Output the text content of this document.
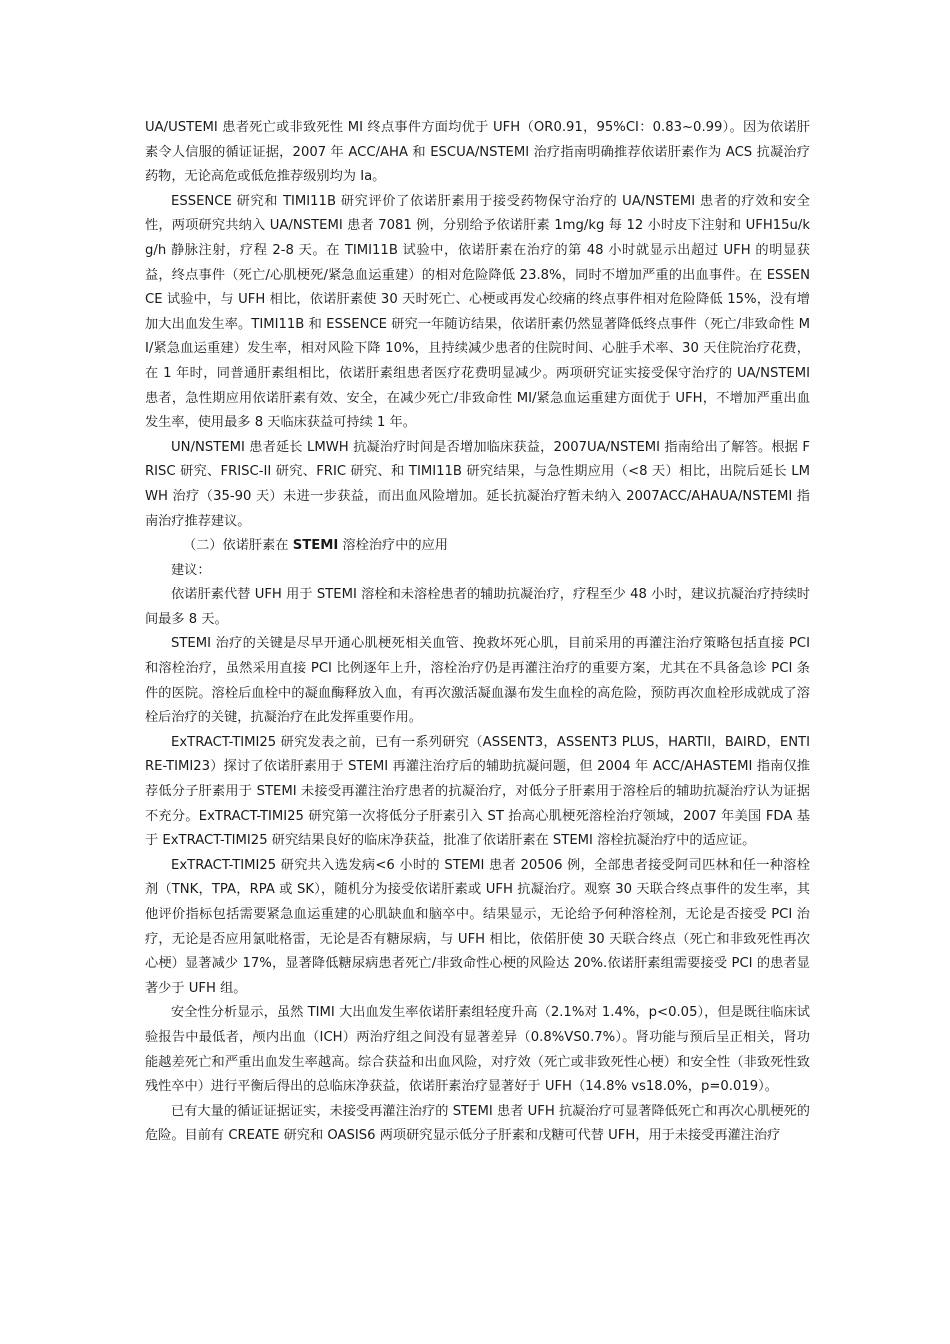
UA/USTEMI 患者死亡或非致死性 MI 终点事件方面均优于 UFH（OR0.91，95%CI：0.83~0.99）。因为依诺肝素令人信服的循证证据，2007 年 ACC/AHA 和 ESCUA/NSTEMI 治疗指南明确推荐依诺肝素作为 ACS 抗凝治疗药物，无论高危或低危推荐级别均为 Ia。

ESSENCE 研究和 TIMI11B 研究评价了依诺肝素用于接受药物保守治疗的 UA/NSTEMI 患者的疗效和安全性，两项研究共纳入 UA/NSTEMI 患者 7081 例，分别给予依诺肝素 1mg/kg 每 12 小时皮下注射和 UFH15u/kg/h 静脉注射，疗程 2-8 天。在 TIMI11B 试验中，依诺肝素在治疗的第 48 小时就显示出超过 UFH 的明显获益，终点事件（死亡/心肌梗死/紧急血运重建）的相对危险降低 23.8%，同时不增加严重的出血事件。在 ESSENCE 试验中，与 UFH 相比，依诺肝素使 30 天时死亡、心梗或再发心绞痛的终点事件相对危险降低 15%，没有增加大出血发生率。TIMI11B 和 ESSENCE 研究一年随访结果，依诺肝素仍然显著降低终点事件（死亡/非致命性 MI/紧急血运重建）发生率，相对风险下降 10%，且持续减少患者的住院时间、心脏手术率、30 天住院治疗花费，在 1 年时，同普通肝素组相比，依诺肝素组患者医疗花费明显减少。两项研究证实接受保守治疗的 UA/NSTEMI 患者，急性期应用依诺肝素有效、安全，在减少死亡/非致命性 MI/紧急血运重建方面优于 UFH，不增加严重出血发生率，使用最多 8 天临床获益可持续 1 年。

UN/NSTEMI 患者延长 LMWH 抗凝治疗时间是否增加临床获益，2007UA/NSTEMI 指南给出了解答。根据 FRISC 研究、FRISC-II 研究、FRIC 研究、和 TIMI11B 研究结果，与急性期应用（<8 天）相比，出院后延长 LMWH 治疗（35-90 天）未进一步获益，而出血风险增加。延长抗凝治疗暂未纳入 2007ACC/AHAUA/NSTEMI 指南治疗推荐建议。

（二）依诺肝素在 STEMI 溶栓治疗中的应用

建议：

依诺肝素代替 UFH 用于 STEMI 溶栓和未溶栓患者的辅助抗凝治疗，疗程至少 48 小时，建议抗凝治疗持续时间最多 8 天。

STEMI 治疗的关键是尽早开通心肌梗死相关血管、挽救坏死心肌，目前采用的再灌注治疗策略包括直接 PCI 和溶栓治疗，虽然采用直接 PCI 比例逐年上升，溶栓治疗仍是再灌注治疗的重要方案，尤其在不具备急诊 PCI 条件的医院。溶栓后血栓中的凝血酶释放入血，有再次激活凝血瀑布发生血栓的高危险，预防再次血栓形成就成了溶栓后治疗的关键，抗凝治疗在此发挥重要作用。

ExTRACT-TIMI25 研究发表之前，已有一系列研究（ASSENT3，ASSENT3 PLUS，HARTII，BAIRD，ENTIRE-TIMI23）探讨了依诺肝素用于 STEMI 再灌注治疗后的辅助抗凝问题，但 2004 年 ACC/AHASTEMI 指南仅推荐低分子肝素用于 STEMI 未接受再灌注治疗患者的抗凝治疗，对低分子肝素用于溶栓后的辅助抗凝治疗认为证据不充分。ExTRACT-TIMI25 研究第一次将低分子肝素引入 ST 抬高心肌梗死溶栓治疗领域，2007 年美国 FDA 基于 ExTRACT-TIMI25 研究结果良好的临床净获益，批准了依诺肝素在 STEMI 溶栓抗凝治疗中的适应证。

ExTRACT-TIMI25 研究共入选发病<6 小时的 STEMI 患者 20506 例，全部患者接受阿司匹林和任一种溶栓剂（TNK，TPA，RPA 或 SK），随机分为接受依诺肝素或 UFH 抗凝治疗。观察 30 天联合终点事件的发生率，其他评价指标包括需要紧急血运重建的心肌缺血和脑卒中。结果显示，无论给予何种溶栓剂，无论是否接受 PCI 治疗，无论是否应用氯吡格雷，无论是否有糖尿病，与 UFH 相比，依偌肝使 30 天联合终点（死亡和非致死性再次心梗）显著减少 17%，显著降低糖尿病患者死亡/非致命性心梗的风险达 20%.依诺肝素组需要接受 PCI 的患者显著少于 UFH 组。

安全性分析显示，虽然 TIMI 大出血发生率依诺肝素组轻度升高（2.1%对 1.4%，p<0.05），但是既往临床试验报告中最低者，颅内出血（ICH）两治疗组之间没有显著差异（0.8%VS0.7%）。肾功能与预后呈正相关，肾功能越差死亡和严重出血发生率越高。综合获益和出血风险，对疗效（死亡或非致死性心梗）和安全性（非致死性致残性卒中）进行平衡后得出的总临床净获益，依诺肝素治疗显著好于 UFH（14.8% vs18.0%，p=0.019）。

已有大量的循证证据证实，未接受再灌注治疗的 STEMI 患者 UFH 抗凝治疗可显著降低死亡和再次心肌梗死的危险。目前有 CREATE 研究和 OASIS6 两项研究显示低分子肝素和戊糖可代替 UFH，用于未接受再灌注治疗
